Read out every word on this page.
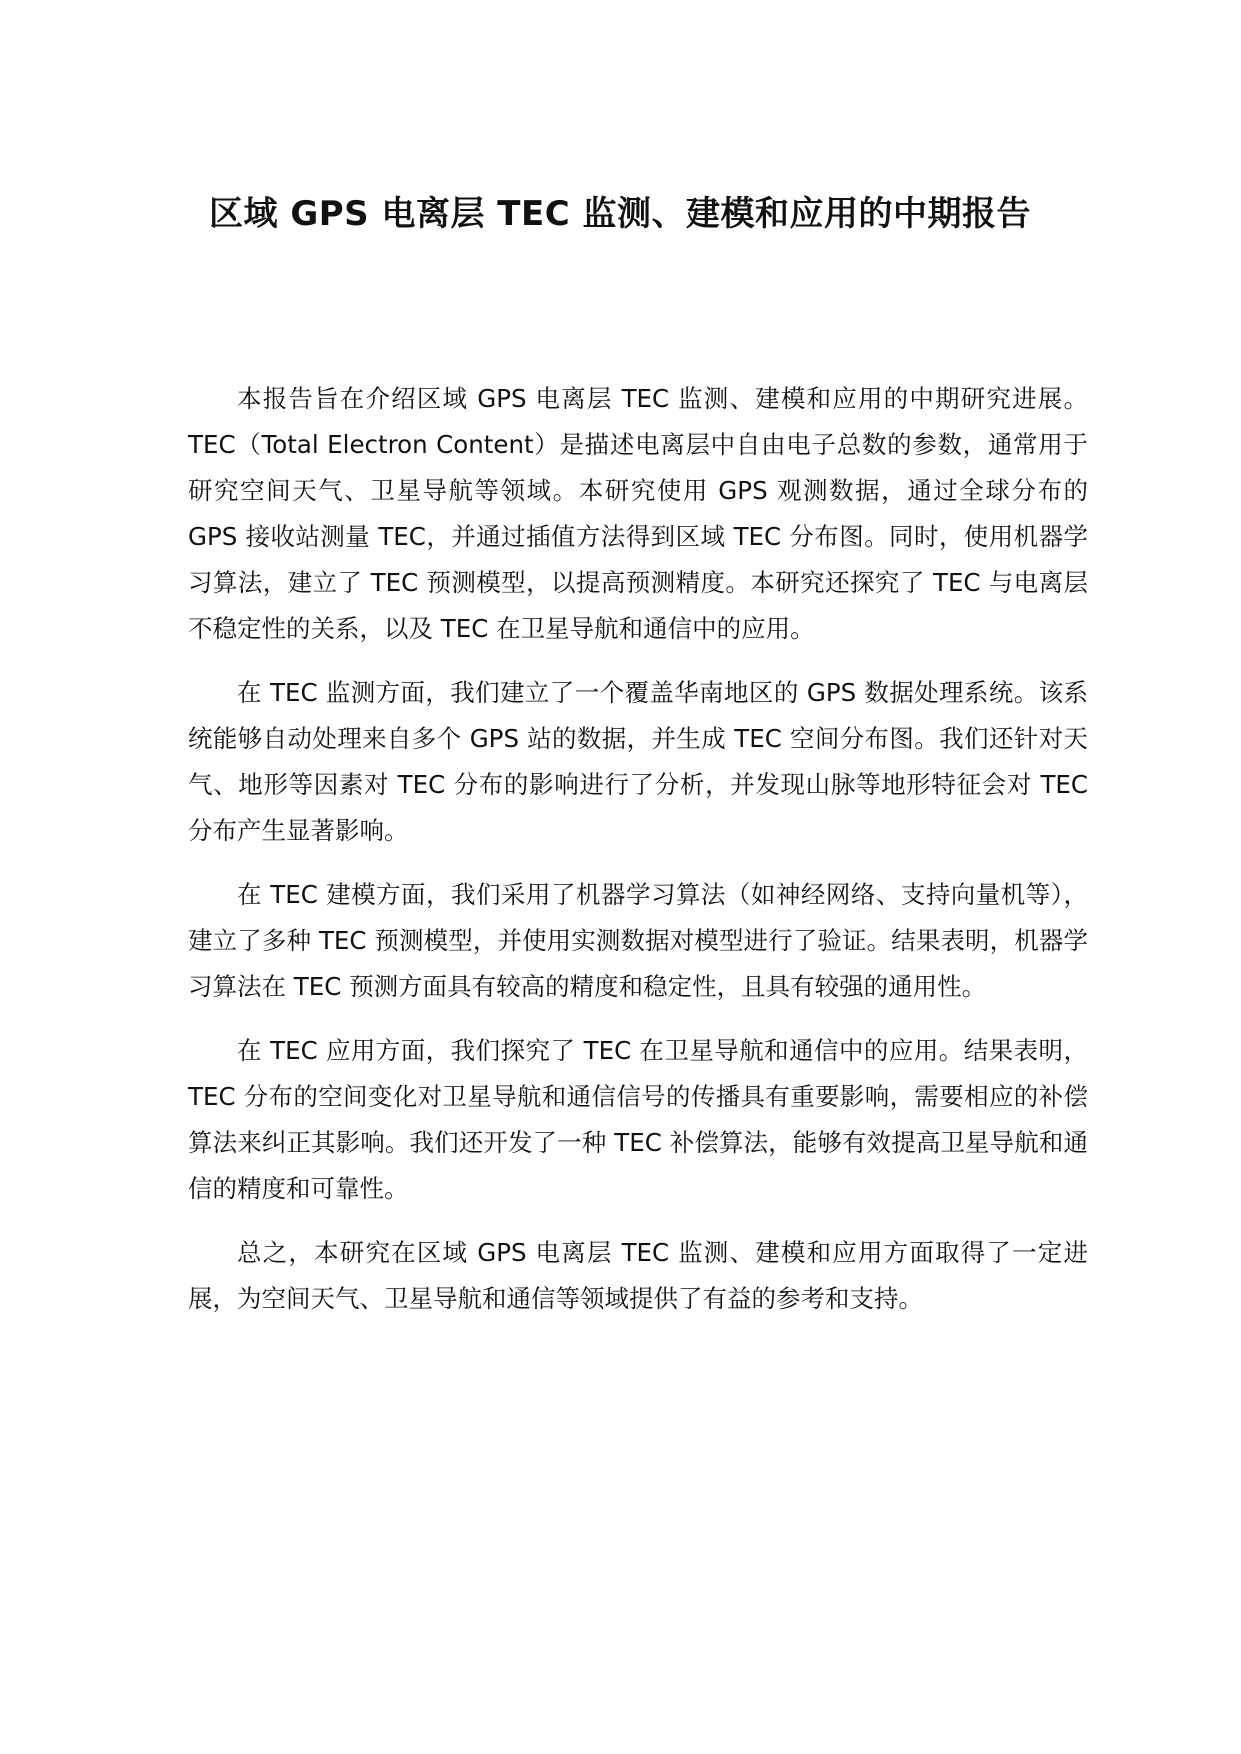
区域 GPS 电离层 TEC 监测、建模和应用的中期报告

本报告旨在介绍区域 GPS 电离层 TEC 监测、建模和应用的中期研究进展。TEC（Total Electron Content）是描述电离层中自由电子总数的参数，通常用于研究空间天气、卫星导航等领域。本研究使用 GPS 观测数据，通过全球分布的 GPS 接收站测量 TEC，并通过插值方法得到区域 TEC 分布图。同时，使用机器学习算法，建立了 TEC 预测模型，以提高预测精度。本研究还探究了 TEC 与电离层不稳定性的关系，以及 TEC 在卫星导航和通信中的应用。

在 TEC 监测方面，我们建立了一个覆盖华南地区的 GPS 数据处理系统。该系统能够自动处理来自多个 GPS 站的数据，并生成 TEC 空间分布图。我们还针对天气、地形等因素对 TEC 分布的影响进行了分析，并发现山脉等地形特征会对 TEC 分布产生显著影响。

在 TEC 建模方面，我们采用了机器学习算法（如神经网络、支持向量机等），建立了多种 TEC 预测模型，并使用实测数据对模型进行了验证。结果表明，机器学习算法在 TEC 预测方面具有较高的精度和稳定性，且具有较强的通用性。

在 TEC 应用方面，我们探究了 TEC 在卫星导航和通信中的应用。结果表明，TEC 分布的空间变化对卫星导航和通信信号的传播具有重要影响，需要相应的补偿算法来纠正其影响。我们还开发了一种 TEC 补偿算法，能够有效提高卫星导航和通信的精度和可靠性。

总之，本研究在区域 GPS 电离层 TEC 监测、建模和应用方面取得了一定进展，为空间天气、卫星导航和通信等领域提供了有益的参考和支持。
